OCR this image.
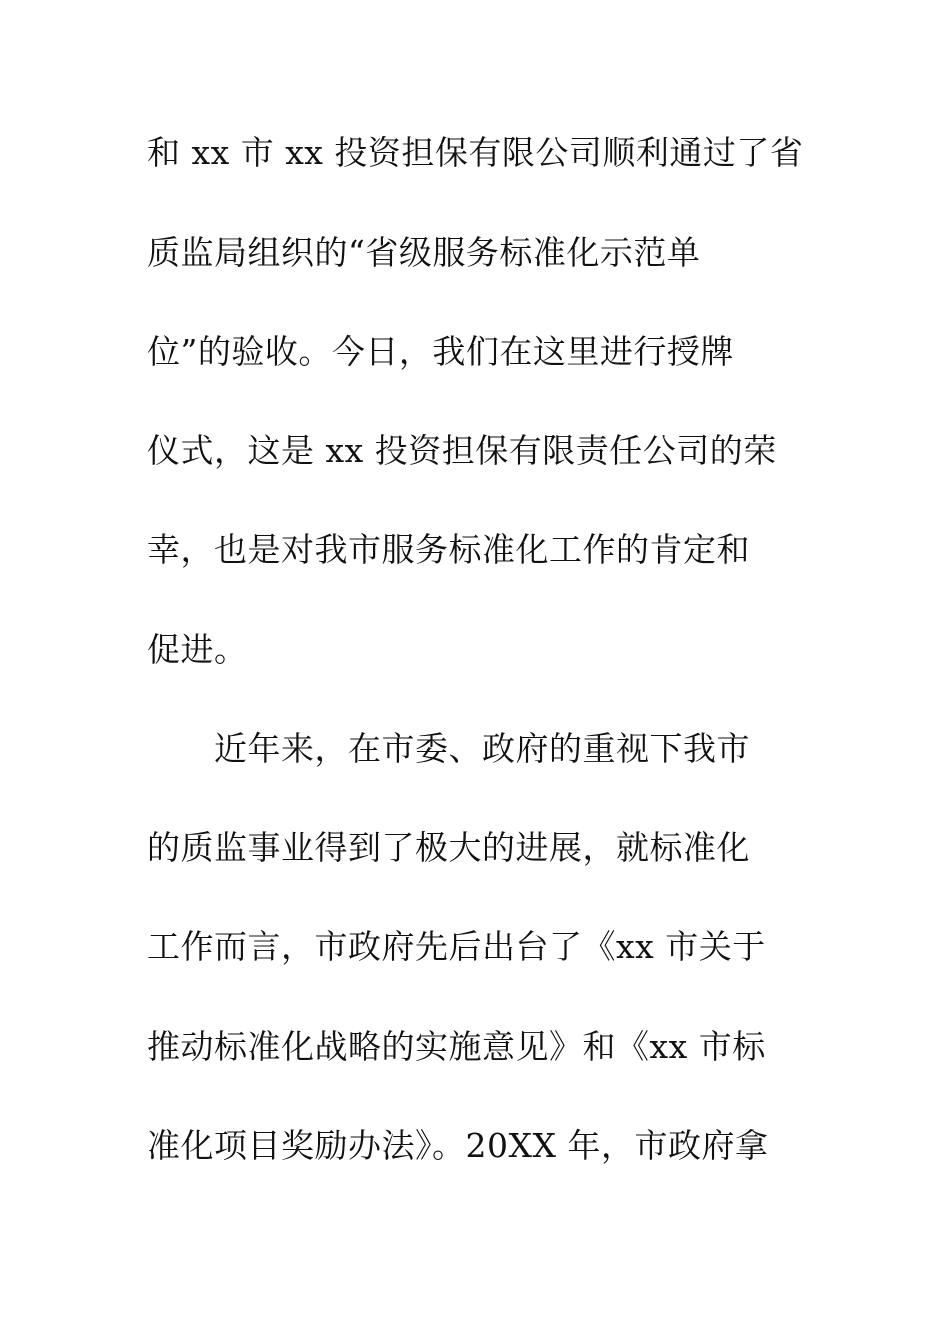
和 xx 市 xx 投资担保有限公司顺利通过了省
质监局组织的“省级服务标准化示范单
位”的验收。今日，我们在这里进行授牌
仪式，这是 xx 投资担保有限责任公司的荣
幸，也是对我市服务标准化工作的肯定和
促进。
近年来，在市委、政府的重视下我市
的质监事业得到了极大的进展，就标准化
工作而言，市政府先后出台了《xx 市关于
推动标准化战略的实施意见》和《xx 市标
准化项目奖励办法》。20XX 年，市政府拿
